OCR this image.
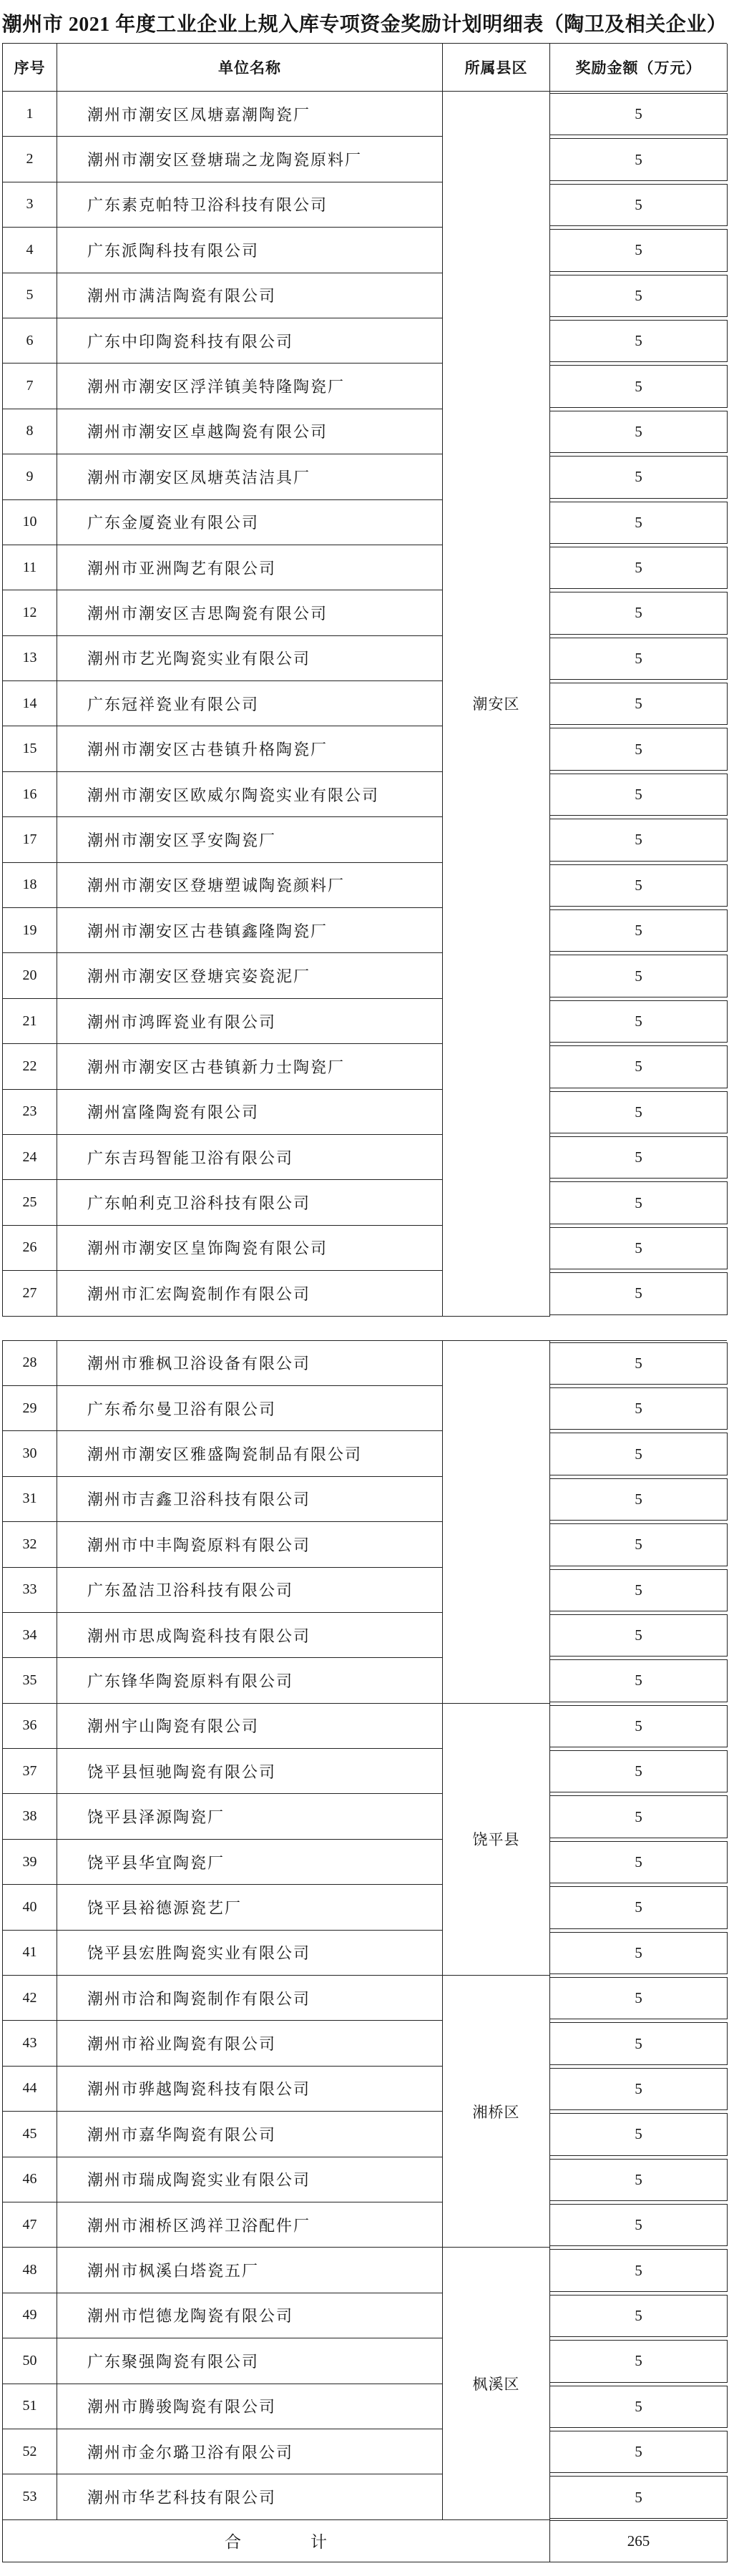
潮州市 2021 年度工业企业上规入库专项资金奖励计划明细表（陶卫及相关企业）
序号	单位名称	所属县区	奖励金额（万元）
潮安区
1	潮州市潮安区凤塘嘉潮陶瓷厂	5
2	潮州市潮安区登塘瑞之龙陶瓷原料厂	5
3	广东素克帕特卫浴科技有限公司	5
4	广东派陶科技有限公司	5
5	潮州市满洁陶瓷有限公司	5
6	广东中印陶瓷科技有限公司	5
7	潮州市潮安区浮洋镇美特隆陶瓷厂	5
8	潮州市潮安区卓越陶瓷有限公司	5
9	潮州市潮安区凤塘英洁洁具厂	5
10	广东金厦瓷业有限公司	5
11	潮州市亚洲陶艺有限公司	5
12	潮州市潮安区吉思陶瓷有限公司	5
13	潮州市艺光陶瓷实业有限公司	5
14	广东冠祥瓷业有限公司	5
15	潮州市潮安区古巷镇升格陶瓷厂	5
16	潮州市潮安区欧威尔陶瓷实业有限公司	5
17	潮州市潮安区孚安陶瓷厂	5
18	潮州市潮安区登塘塑诚陶瓷颜料厂	5
19	潮州市潮安区古巷镇鑫隆陶瓷厂	5
20	潮州市潮安区登塘宾姿瓷泥厂	5
21	潮州市鸿晖瓷业有限公司	5
22	潮州市潮安区古巷镇新力士陶瓷厂	5
23	潮州富隆陶瓷有限公司	5
24	广东吉玛智能卫浴有限公司	5
25	广东帕利克卫浴科技有限公司	5
26	潮州市潮安区皇饰陶瓷有限公司	5
27	潮州市汇宏陶瓷制作有限公司	5
28	潮州市雅枫卫浴设备有限公司	5
29	广东希尔曼卫浴有限公司	5
30	潮州市潮安区雅盛陶瓷制品有限公司	5
31	潮州市吉鑫卫浴科技有限公司	5
32	潮州市中丰陶瓷原料有限公司	5
33	广东盈洁卫浴科技有限公司	5
34	潮州市思成陶瓷科技有限公司	5
35	广东锋华陶瓷原料有限公司	5
饶平县
36	潮州宇山陶瓷有限公司	5
37	饶平县恒驰陶瓷有限公司	5
38	饶平县泽源陶瓷厂	5
39	饶平县华宜陶瓷厂	5
40	饶平县裕德源瓷艺厂	5
41	饶平县宏胜陶瓷实业有限公司	5
湘桥区
42	潮州市洽和陶瓷制作有限公司	5
43	潮州市裕业陶瓷有限公司	5
44	潮州市骅越陶瓷科技有限公司	5
45	潮州市嘉华陶瓷有限公司	5
46	潮州市瑞成陶瓷实业有限公司	5
47	潮州市湘桥区鸿祥卫浴配件厂	5
枫溪区
48	潮州市枫溪白塔瓷五厂	5
49	潮州市恺德龙陶瓷有限公司	5
50	广东聚强陶瓷有限公司	5
51	潮州市腾骏陶瓷有限公司	5
52	潮州市金尔璐卫浴有限公司	5
53	潮州市华艺科技有限公司	5
合　　　　计	265
